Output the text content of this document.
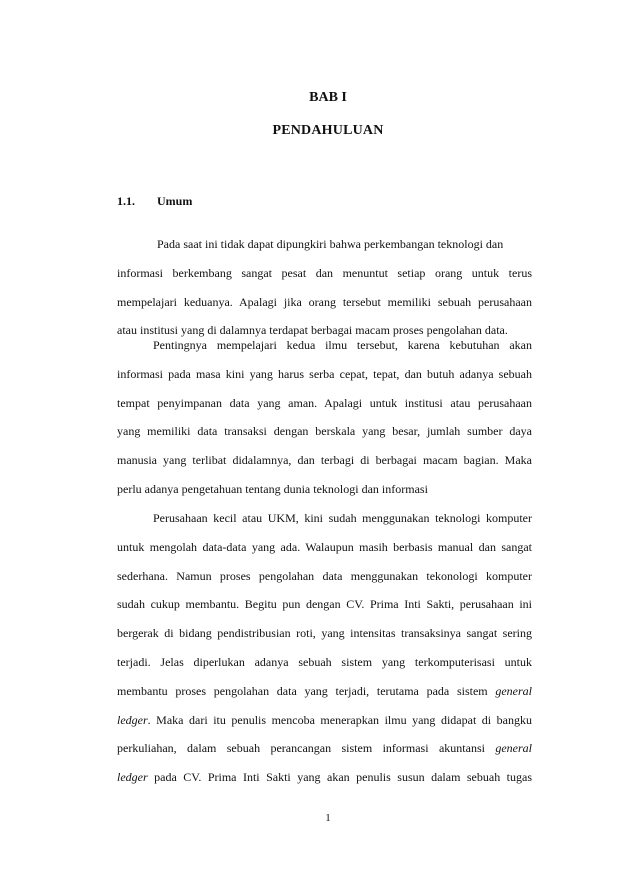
BAB I
PENDAHULUAN
1.1. Umum
Pada saat ini tidak dapat dipungkiri bahwa perkembangan teknologi dan
informasi berkembang sangat pesat dan menuntut setiap orang untuk terus
mempelajari keduanya. Apalagi jika orang tersebut memiliki sebuah perusahaan
atau institusi yang di dalamnya terdapat berbagai macam proses pengolahan data.
Pentingnya mempelajari kedua ilmu tersebut, karena kebutuhan akan
informasi pada masa kini yang harus serba cepat, tepat, dan butuh adanya sebuah
tempat penyimpanan data yang aman. Apalagi untuk institusi atau perusahaan
yang memiliki data transaksi dengan berskala yang besar, jumlah sumber daya
manusia yang terlibat didalamnya, dan terbagi di berbagai macam bagian. Maka
perlu adanya pengetahuan tentang dunia teknologi dan informasi
Perusahaan kecil atau UKM, kini sudah menggunakan teknologi komputer
untuk mengolah data-data yang ada. Walaupun masih berbasis manual dan sangat
sederhana. Namun proses pengolahan data menggunakan tekonologi komputer
sudah cukup membantu. Begitu pun dengan CV. Prima Inti Sakti, perusahaan ini
bergerak di bidang pendistribusian roti, yang intensitas transaksinya sangat sering
terjadi. Jelas diperlukan adanya sebuah sistem yang terkomputerisasi untuk
membantu proses pengolahan data yang terjadi, terutama pada sistem general
ledger. Maka dari itu penulis mencoba menerapkan ilmu yang didapat di bangku
perkuliahan, dalam sebuah perancangan sistem informasi akuntansi general
ledger pada CV. Prima Inti Sakti yang akan penulis susun dalam sebuah tugas
1
